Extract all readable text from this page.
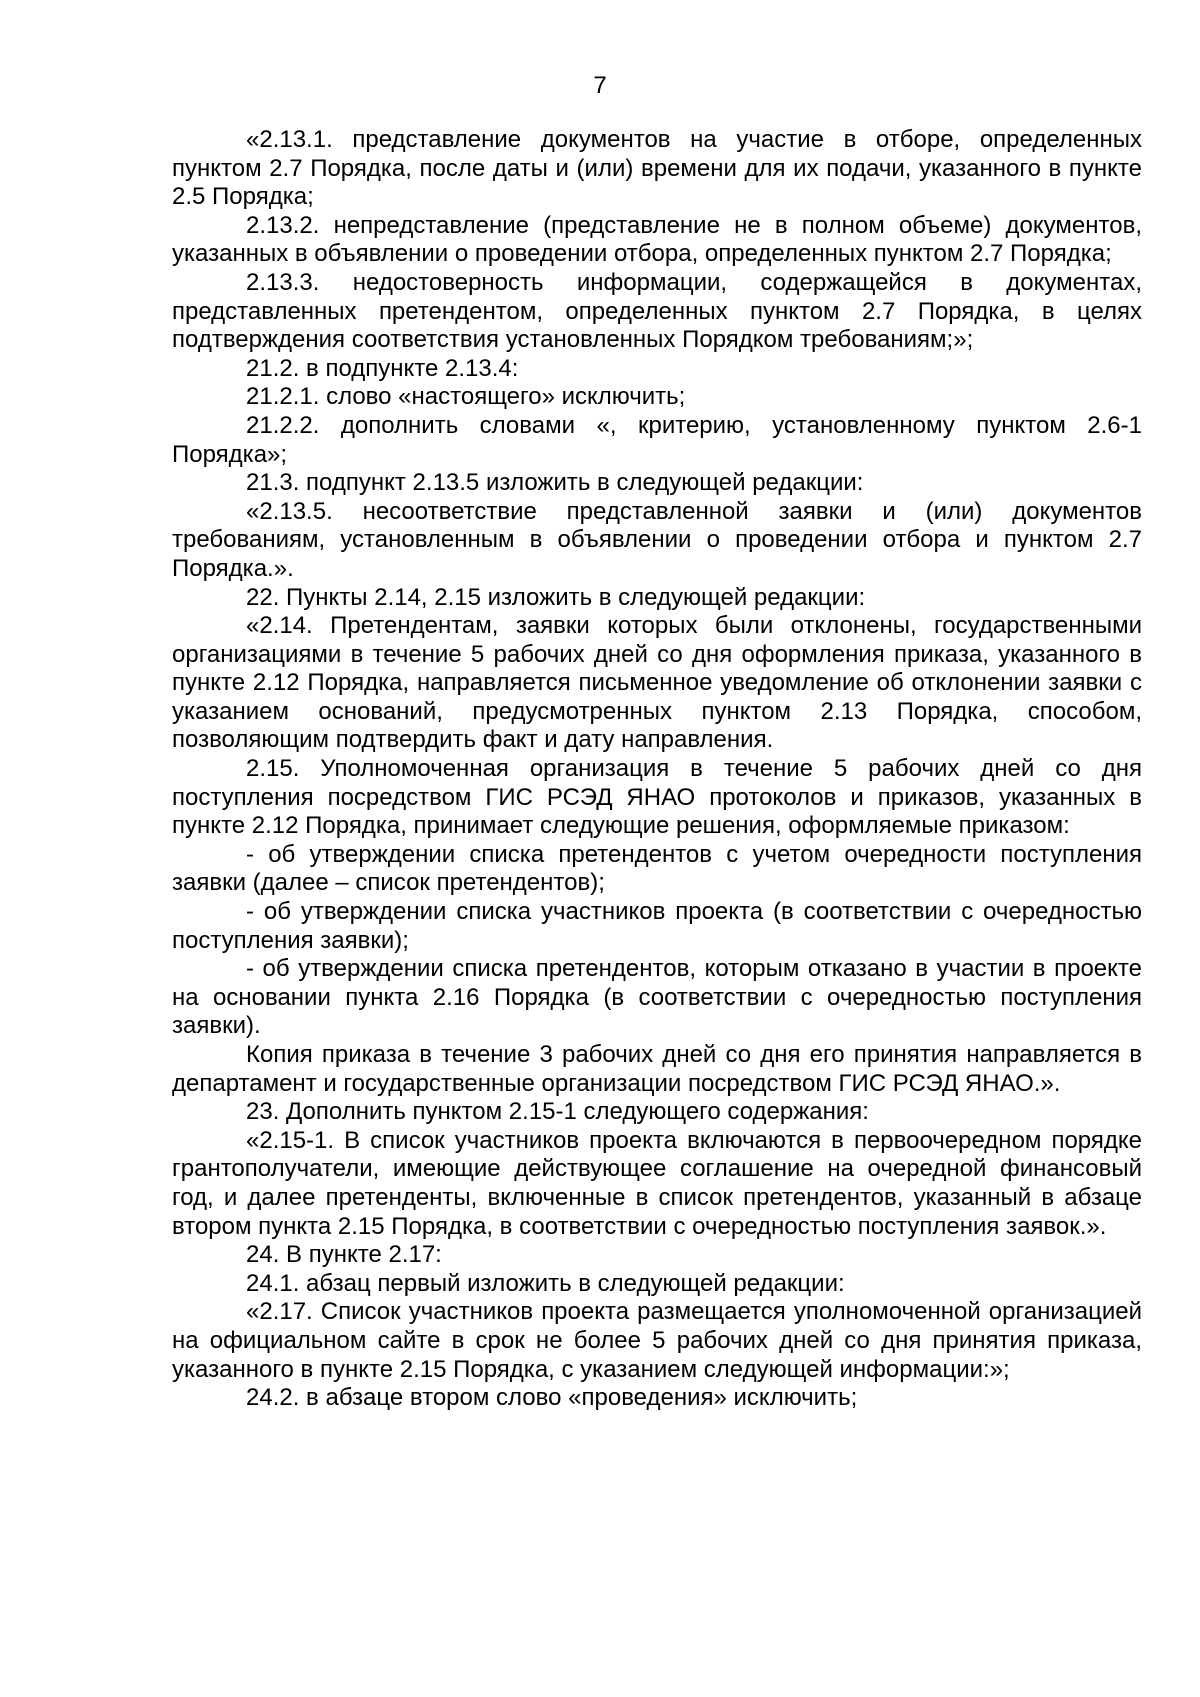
7

«2.13.1. представление документов на участие в отборе, определенных пунктом 2.7 Порядка, после даты и (или) времени для их подачи, указанного в пункте 2.5 Порядка;

2.13.2. непредставление (представление не в полном объеме) документов, указанных в объявлении о проведении отбора, определенных пунктом 2.7 Порядка;

2.13.3. недостоверность информации, содержащейся в документах, представленных претендентом, определенных пунктом 2.7 Порядка, в целях подтверждения соответствия установленных Порядком требованиям;»;

21.2. в подпункте 2.13.4:

21.2.1. слово «настоящего» исключить;

21.2.2. дополнить словами «, критерию, установленному пунктом 2.6-1 Порядка»;

21.3. подпункт 2.13.5 изложить в следующей редакции:

«2.13.5. несоответствие представленной заявки и (или) документов требованиям, установленным в объявлении о проведении отбора и пунктом 2.7 Порядка.».

22. Пункты 2.14, 2.15 изложить в следующей редакции:

«2.14. Претендентам, заявки которых были отклонены, государственными организациями в течение 5 рабочих дней со дня оформления приказа, указанного в пункте 2.12 Порядка, направляется письменное уведомление об отклонении заявки с указанием оснований, предусмотренных пунктом 2.13 Порядка, способом, позволяющим подтвердить факт и дату направления.

2.15. Уполномоченная организация в течение 5 рабочих дней со дня поступления посредством ГИС РСЭД ЯНАО протоколов и приказов, указанных в пункте 2.12 Порядка, принимает следующие решения, оформляемые приказом:

- об утверждении списка претендентов с учетом очередности поступления заявки (далее – список претендентов);

- об утверждении списка участников проекта (в соответствии с очередностью поступления заявки);

- об утверждении списка претендентов, которым отказано в участии в проекте на основании пункта 2.16 Порядка (в соответствии с очередностью поступления заявки).

Копия приказа в течение 3 рабочих дней со дня его принятия направляется в департамент и государственные организации посредством ГИС РСЭД ЯНАО.».

23. Дополнить пунктом 2.15-1 следующего содержания:

«2.15-1. В список участников проекта включаются в первоочередном порядке грантополучатели, имеющие действующее соглашение на очередной финансовый год, и далее претенденты, включенные в список претендентов, указанный в абзаце втором пункта 2.15 Порядка, в соответствии с очередностью поступления заявок.».

24. В пункте 2.17:

24.1. абзац первый изложить в следующей редакции:

«2.17. Список участников проекта размещается уполномоченной организацией на официальном сайте в срок не более 5 рабочих дней со дня принятия приказа, указанного в пункте 2.15 Порядка, с указанием следующей информации:»;

24.2. в абзаце втором слово «проведения» исключить;
